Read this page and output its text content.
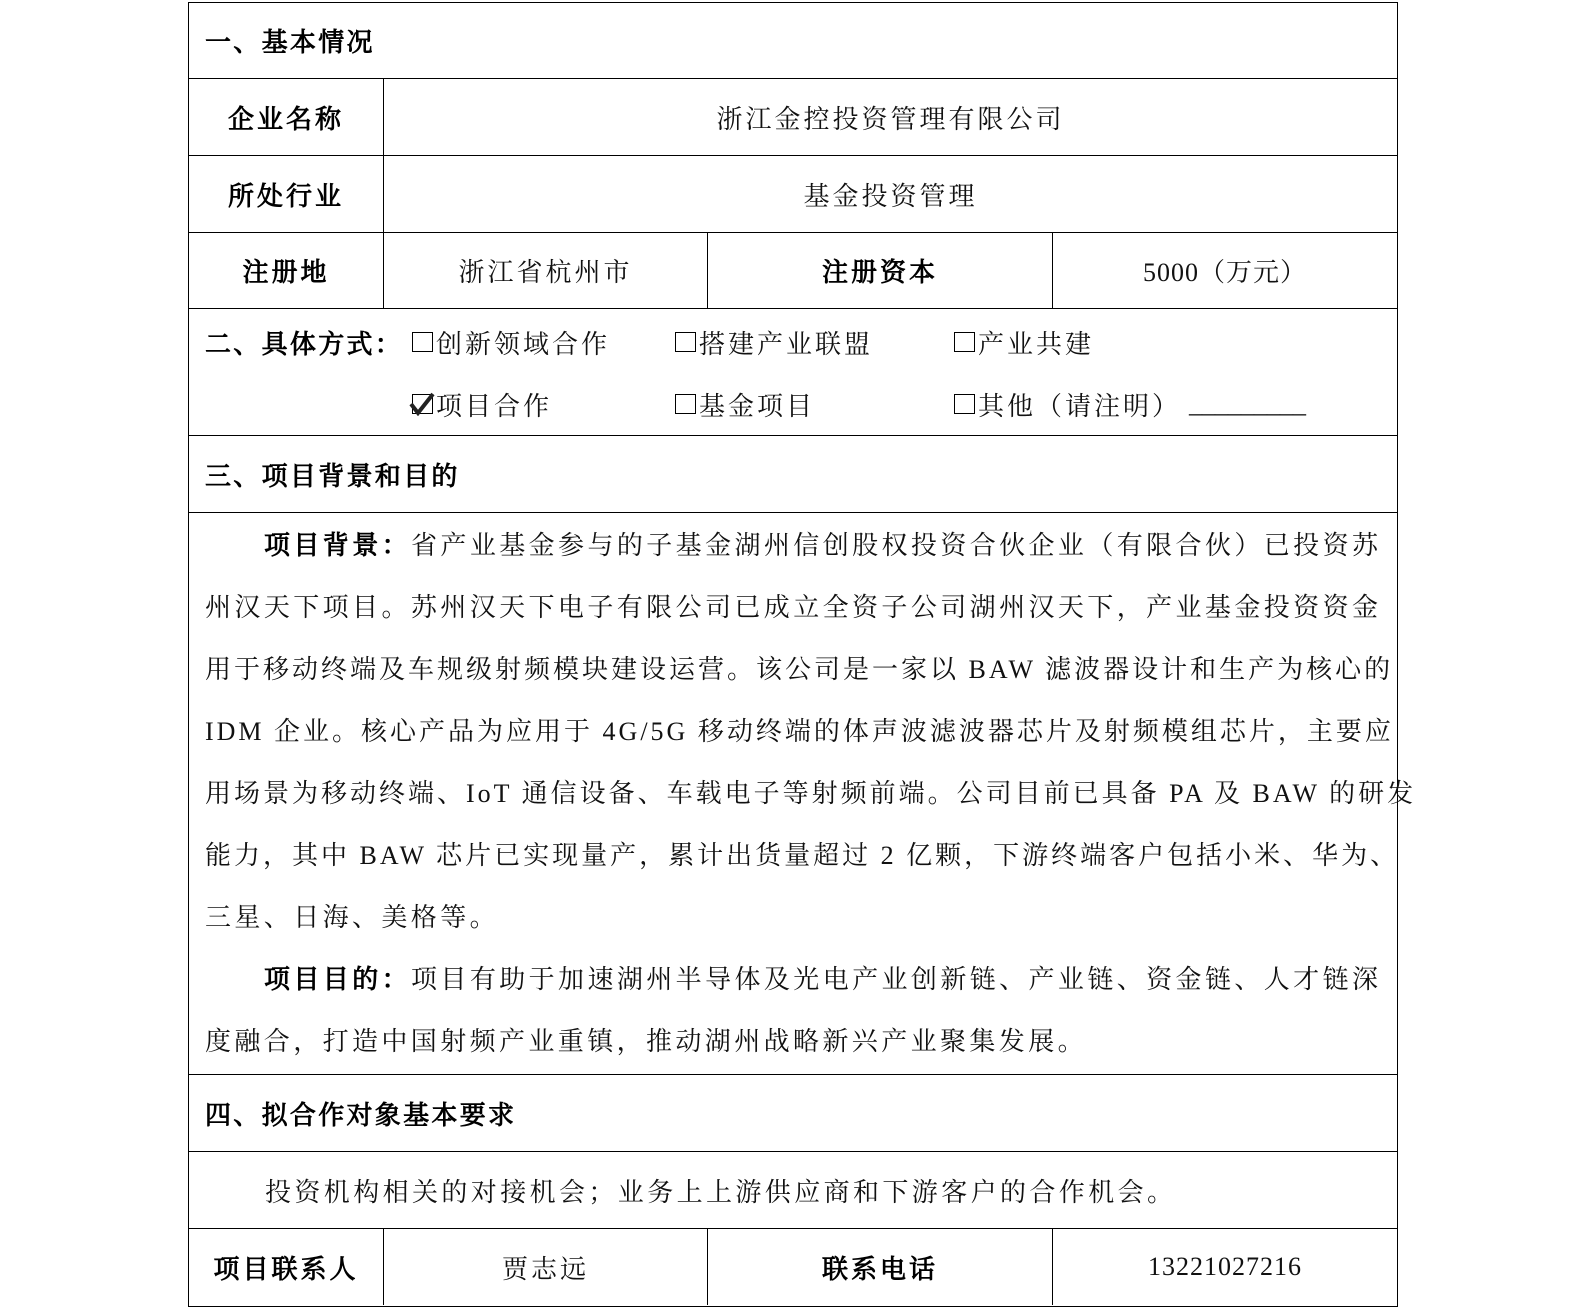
一、基本情况
企业名称	浙江金控投资管理有限公司
所处行业	基金投资管理
注册地	浙江省杭州市	注册资本	5000（万元）
二、具体方式： 创新领域合作	搭建产业联盟	产业共建
项目合作	基金项目	其他（请注明） _________
三、项目背景和目的
项目背景：省产业基金参与的子基金湖州信创股权投资合伙企业（有限合伙）已投资苏
州汉天下项目。苏州汉天下电子有限公司已成立全资子公司湖州汉天下，产业基金投资资金
用于移动终端及车规级射频模块建设运营。该公司是一家以 BAW 滤波器设计和生产为核心的
IDM 企业。核心产品为应用于 4G/5G 移动终端的体声波滤波器芯片及射频模组芯片，主要应
用场景为移动终端、IoT 通信设备、车载电子等射频前端。公司目前已具备 PA 及 BAW 的研发
能力，其中 BAW 芯片已实现量产，累计出货量超过 2 亿颗，下游终端客户包括小米、华为、
三星、日海、美格等。
项目目的：项目有助于加速湖州半导体及光电产业创新链、产业链、资金链、人才链深
度融合，打造中国射频产业重镇，推动湖州战略新兴产业聚集发展。
四、拟合作对象基本要求
投资机构相关的对接机会；业务上上游供应商和下游客户的合作机会。
项目联系人	贾志远	联系电话	13221027216
